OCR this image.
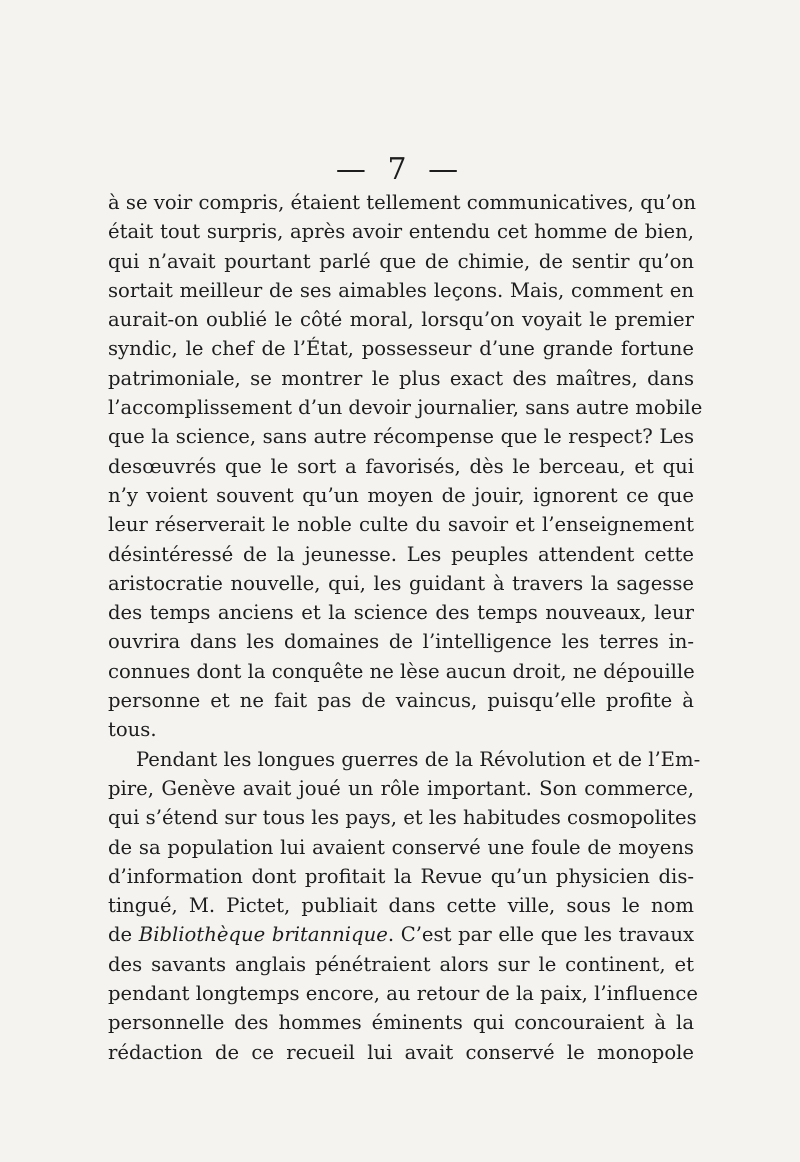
— 7 —
à se voir compris, étaient tellement communicatives, qu’on
était tout surpris, après avoir entendu cet homme de bien,
qui n’avait pourtant parlé que de chimie, de sentir qu’on
sortait meilleur de ses aimables leçons. Mais, comment en
aurait-on oublié le côté moral, lorsqu’on voyait le premier
syndic, le chef de l’État, possesseur d’une grande fortune
patrimoniale, se montrer le plus exact des maîtres, dans
l’accomplissement d’un devoir journalier, sans autre mobile
que la science, sans autre récompense que le respect? Les
desœuvrés que le sort a favorisés, dès le berceau, et qui
n’y voient souvent qu’un moyen de jouir, ignorent ce que
leur réserverait le noble culte du savoir et l’enseignement
désintéressé de la jeunesse. Les peuples attendent cette
aristocratie nouvelle, qui, les guidant à travers la sagesse
des temps anciens et la science des temps nouveaux, leur
ouvrira dans les domaines de l’intelligence les terres in-
connues dont la conquête ne lèse aucun droit, ne dépouille
personne et ne fait pas de vaincus, puisqu’elle profite à
tous.
Pendant les longues guerres de la Révolution et de l’Em-
pire, Genève avait joué un rôle important. Son commerce,
qui s’étend sur tous les pays, et les habitudes cosmopolites
de sa population lui avaient conservé une foule de moyens
d’information dont profitait la Revue qu’un physicien dis-
tingué, M. Pictet, publiait dans cette ville, sous le nom
de Bibliothèque britannique. C’est par elle que les travaux
des savants anglais pénétraient alors sur le continent, et
pendant longtemps encore, au retour de la paix, l’influence
personnelle des hommes éminents qui concouraient à la
rédaction de ce recueil lui avait conservé le monopole
